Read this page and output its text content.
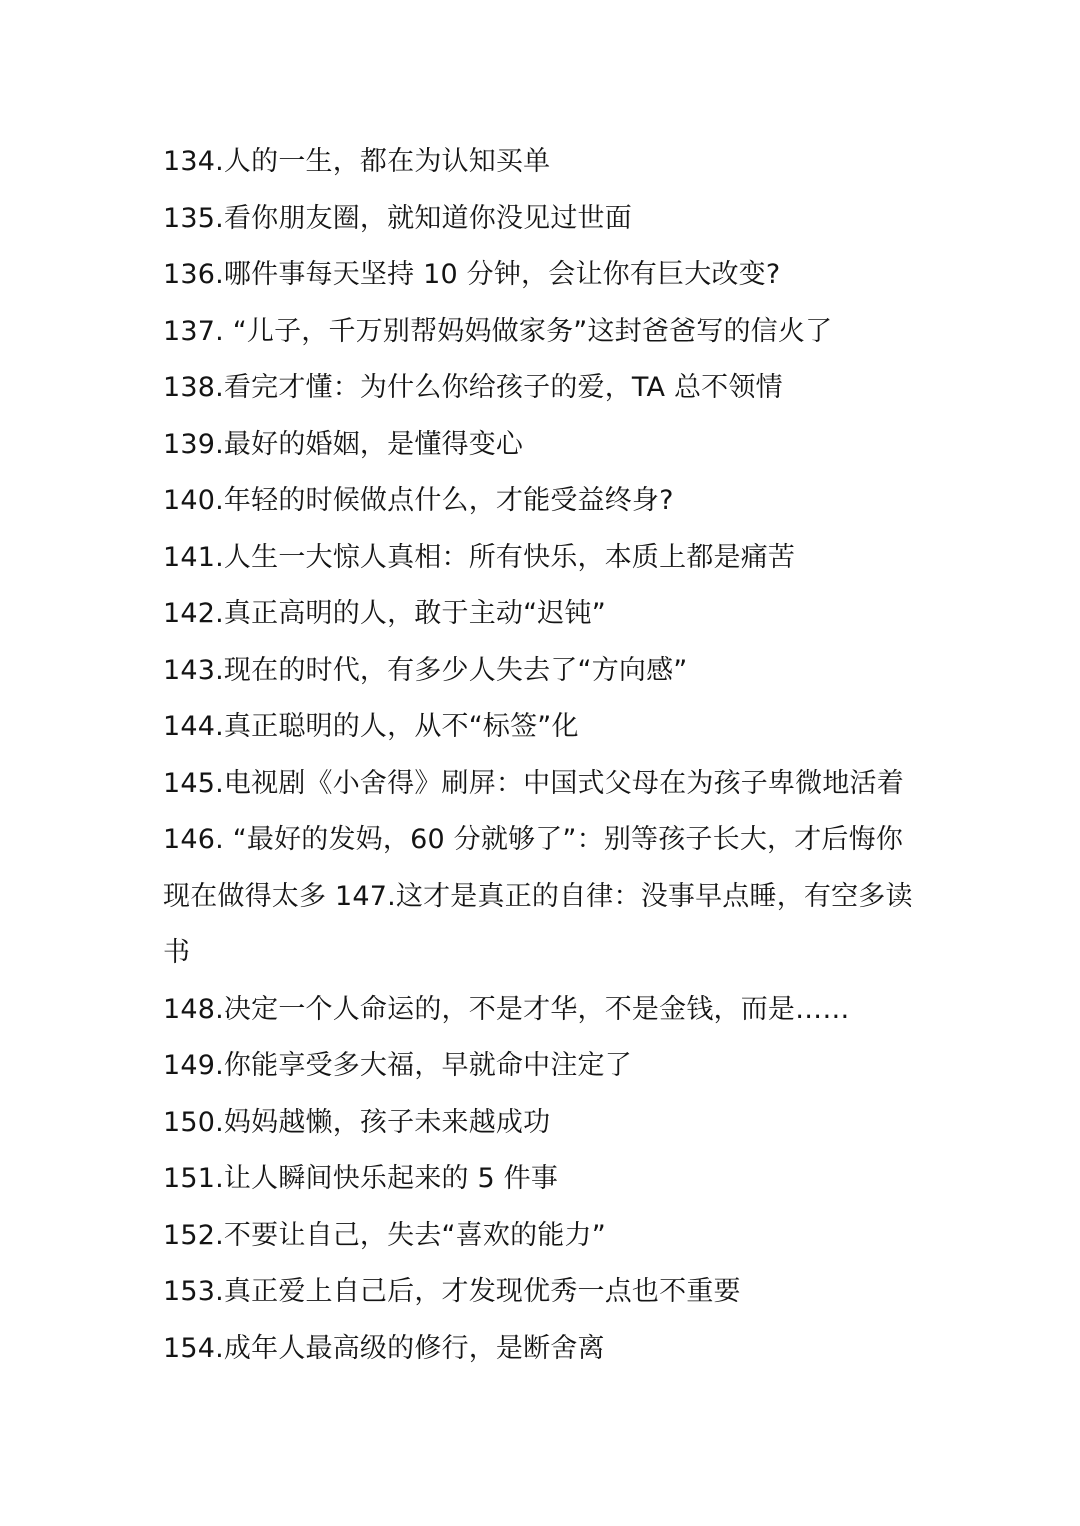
134.人的一生，都在为认知买单
135.看你朋友圈，就知道你没见过世面
136.哪件事每天坚持 10 分钟，会让你有巨大改变?
137. “儿子，千万别帮妈妈做家务”这封爸爸写的信火了
138.看完才懂：为什么你给孩子的爱，TA 总不领情
139.最好的婚姻，是懂得变心
140.年轻的时候做点什么，才能受益终身?
141.人生一大惊人真相：所有快乐，本质上都是痛苦
142.真正高明的人，敢于主动“迟钝”
143.现在的时代，有多少人失去了“方向感”
144.真正聪明的人，从不“标签”化
145.电视剧《小舍得》刷屏：中国式父母在为孩子卑微地活着
146. “最好的发妈，60 分就够了”：别等孩子长大，才后悔你
现在做得太多 147.这才是真正的自律：没事早点睡，有空多读
书
148.决定一个人命运的，不是才华，不是金钱，而是……
149.你能享受多大福，早就命中注定了
150.妈妈越懒，孩子未来越成功
151.让人瞬间快乐起来的 5 件事
152.不要让自己，失去“喜欢的能力”
153.真正爱上自己后，才发现优秀一点也不重要
154.成年人最高级的修行，是断舍离
